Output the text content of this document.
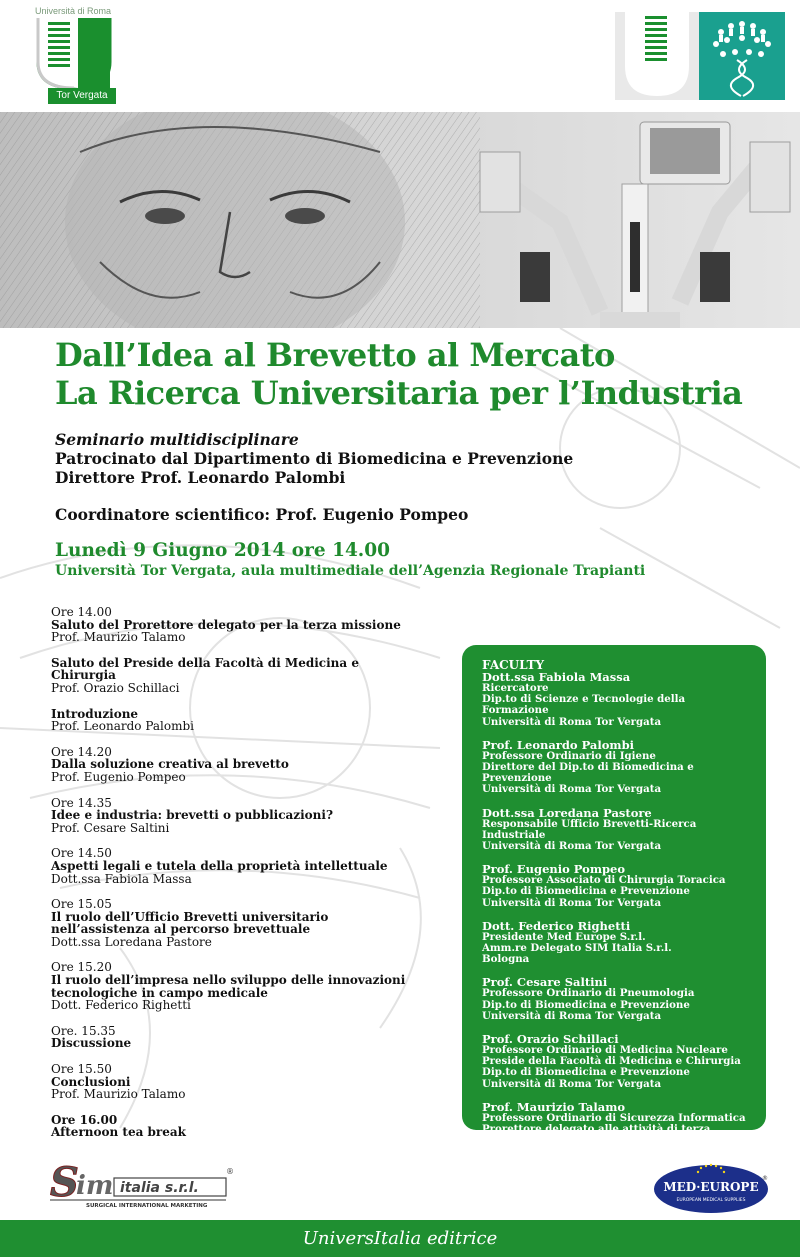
Università di Roma
Tor Vergata
Dall’Idea al Brevetto al Mercato
La Ricerca Universitaria per l’Industria
Seminario multidisciplinare
Patrocinato dal Dipartimento di Biomedicina e Prevenzione
Direttore Prof. Leonardo Palombi
Coordinatore scientifico: Prof. Eugenio Pompeo
Lunedì 9 Giugno 2014 ore 14.00
Università Tor Vergata, aula multimediale dell’Agenzia Regionale Trapianti
Ore 14.00
Saluto del Prorettore delegato per la terza missione
Prof. Maurizio Talamo
Saluto del Preside della Facoltà di Medicina e Chirurgia
Prof. Orazio Schillaci
Introduzione
Prof. Leonardo Palombi
Ore 14.20
Dalla soluzione creativa al brevetto
Prof. Eugenio Pompeo
Ore 14.35
Idee e industria: brevetti o pubblicazioni?
Prof. Cesare Saltini
Ore 14.50
Aspetti legali e tutela della proprietà intellettuale
Dott.ssa Fabiola Massa
Ore 15.05
Il ruolo dell’Ufficio Brevetti universitario nell’assistenza al percorso brevettuale
Dott.ssa Loredana Pastore
Ore 15.20
Il ruolo dell’impresa nello sviluppo delle innovazioni tecnologiche in campo medicale
Dott. Federico Righetti
Ore. 15.35
Discussione
Ore 15.50
Conclusioni
Prof. Maurizio Talamo
Ore 16.00
Afternoon tea break
FACULTY
Dott.ssa Fabiola Massa
Ricercatore
Dip.to di Scienze e Tecnologie della Formazione
Università di Roma Tor Vergata
Prof. Leonardo Palombi
Professore Ordinario di Igiene
Direttore del Dip.to di Biomedicina e Prevenzione
Università di Roma Tor Vergata
Dott.ssa Loredana Pastore
Responsabile Ufficio Brevetti-Ricerca Industriale
Università di Roma Tor Vergata
Prof. Eugenio Pompeo
Professore Associato di Chirurgia Toracica
Dip.to di Biomedicina e Prevenzione
Università di Roma Tor Vergata
Dott. Federico Righetti
Presidente Med Europe S.r.l.
Amm.re Delegato SIM Italia S.r.l.
Bologna
Prof. Cesare Saltini
Professore Ordinario di Pneumologia
Dip.to di Biomedicina e Prevenzione
Università di Roma Tor Vergata
Prof. Orazio Schillaci
Professore Ordinario di Medicina Nucleare
Preside della Facoltà di Medicina e Chirurgia
Dip.to di Biomedicina e Prevenzione
Università di Roma Tor Vergata
Prof. Maurizio Talamo
Professore Ordinario di Sicurezza Informatica
Prorettore delegato alle attività di terza missione
Dip.to di Ingegneria dell’Impresa “Mario
S
im italia s.r.l.
®
SURGICAL INTERNATIONAL MARKETING
MED·EUROPE
EUROPEAN MEDICAL SUPPLIES
®
UniversItalia editrice
